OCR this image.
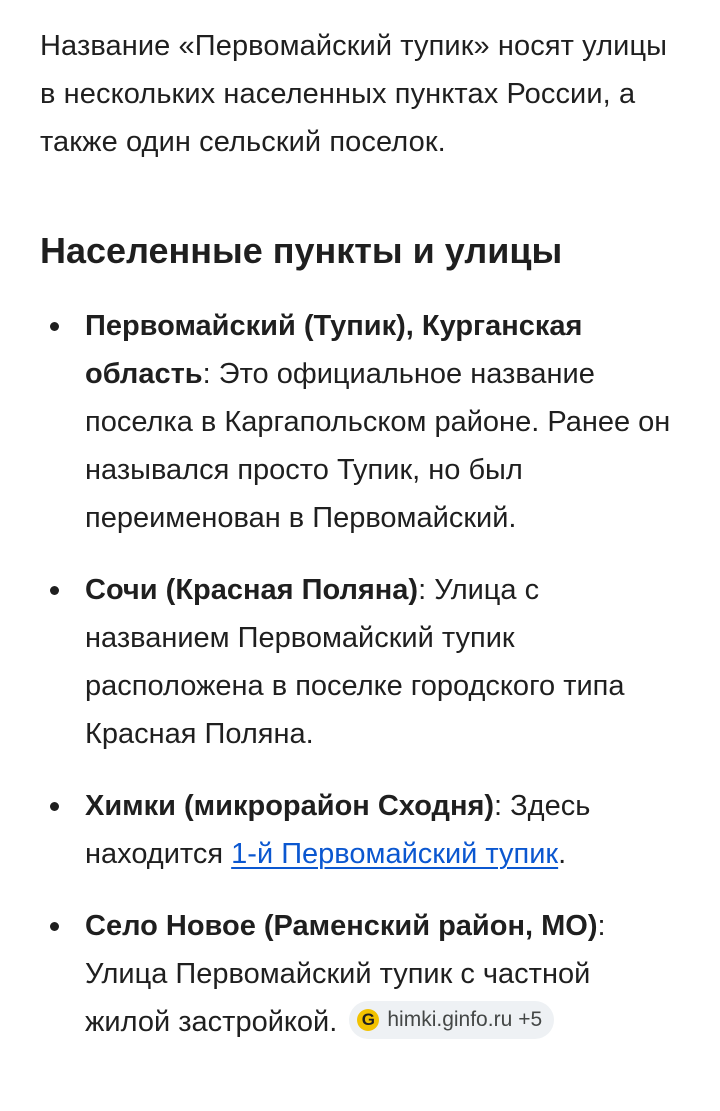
Название «Первомайский тупик» носят улицы в нескольких населенных пунктах России, а также один сельский поселок.

Населенные пункты и улицы
Первомайский (Тупик), Курганская область: Это официальное название поселка в Каргапольском районе. Ранее он назывался просто Тупик, но был переименован в Первомайский.
Сочи (Красная Поляна): Улица с названием Первомайский тупик расположена в поселке городского типа Красная Поляна.
Химки (микрорайон Сходня): Здесь находится 1-й Первомайский тупик.
Село Новое (Раменский район, МО): Улица Первомайский тупик с частной жилой застройкой. G himki.ginfo.ru +5
